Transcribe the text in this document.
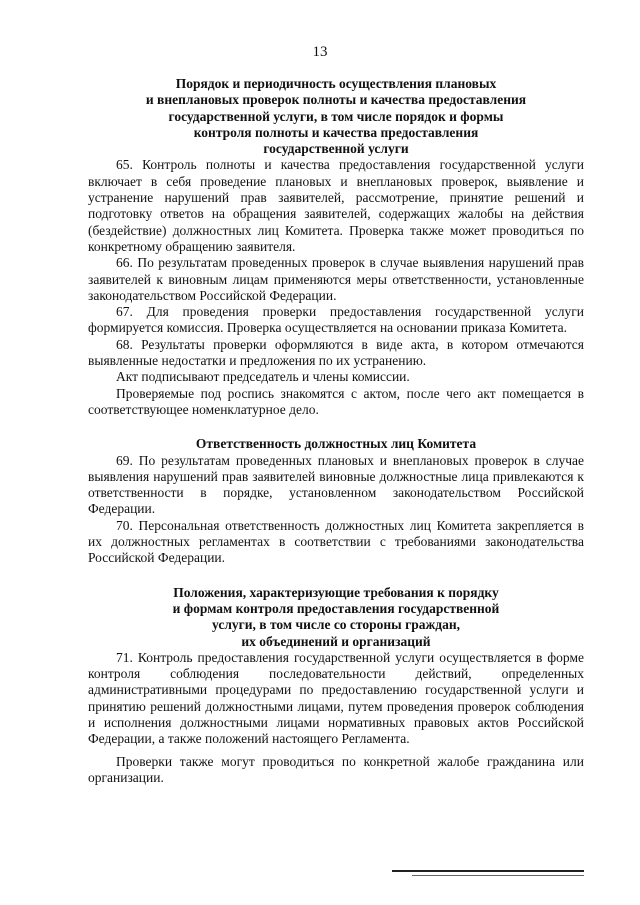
13
Порядок и периодичность осуществления плановых
и внеплановых проверок полноты и качества предоставления
государственной услуги, в том числе порядок и формы
контроля полноты и качества предоставления
государственной услуги

65. Контроль полноты и качества предоставления государственной услуги включает в себя проведение плановых и внеплановых проверок, выявление и устранение нарушений прав заявителей, рассмотрение, принятие решений и подготовку ответов на обращения заявителей, содержащих жалобы на действия (бездействие) должностных лиц Комитета. Проверка также может проводиться по конкретному обращению заявителя.

66. По результатам проведенных проверок в случае выявления нарушений прав заявителей к виновным лицам применяются меры ответственности, установленные законодательством Российской Федерации.

67. Для проведения проверки предоставления государственной услуги формируется комиссия. Проверка осуществляется на основании приказа Комитета.

68. Результаты проверки оформляются в виде акта, в котором отмечаются выявленные недостатки и предложения по их устранению.

Акт подписывают председатель и члены комиссии.

Проверяемые под роспись знакомятся с актом, после чего акт помещается в соответствующее номенклатурное дело.

Ответственность должностных лиц Комитета

69. По результатам проведенных плановых и внеплановых проверок в случае выявления нарушений прав заявителей виновные должностные лица привлекаются к ответственности в порядке, установленном законодательством Российской Федерации.

70. Персональная ответственность должностных лиц Комитета закрепляется в их должностных регламентах в соответствии с требованиями законодательства Российской Федерации.

Положения, характеризующие требования к порядку
и формам контроля предоставления государственной
услуги, в том числе со стороны граждан,
их объединений и организаций

71. Контроль предоставления государственной услуги осуществляется в форме контроля соблюдения последовательности действий, определенных административными процедурами по предоставлению государственной услуги и принятию решений должностными лицами, путем проведения проверок соблюдения и исполнения должностными лицами нормативных правовых актов Российской Федерации, а также положений настоящего Регламента.

Проверки также могут проводиться по конкретной жалобе гражданина или организации.
